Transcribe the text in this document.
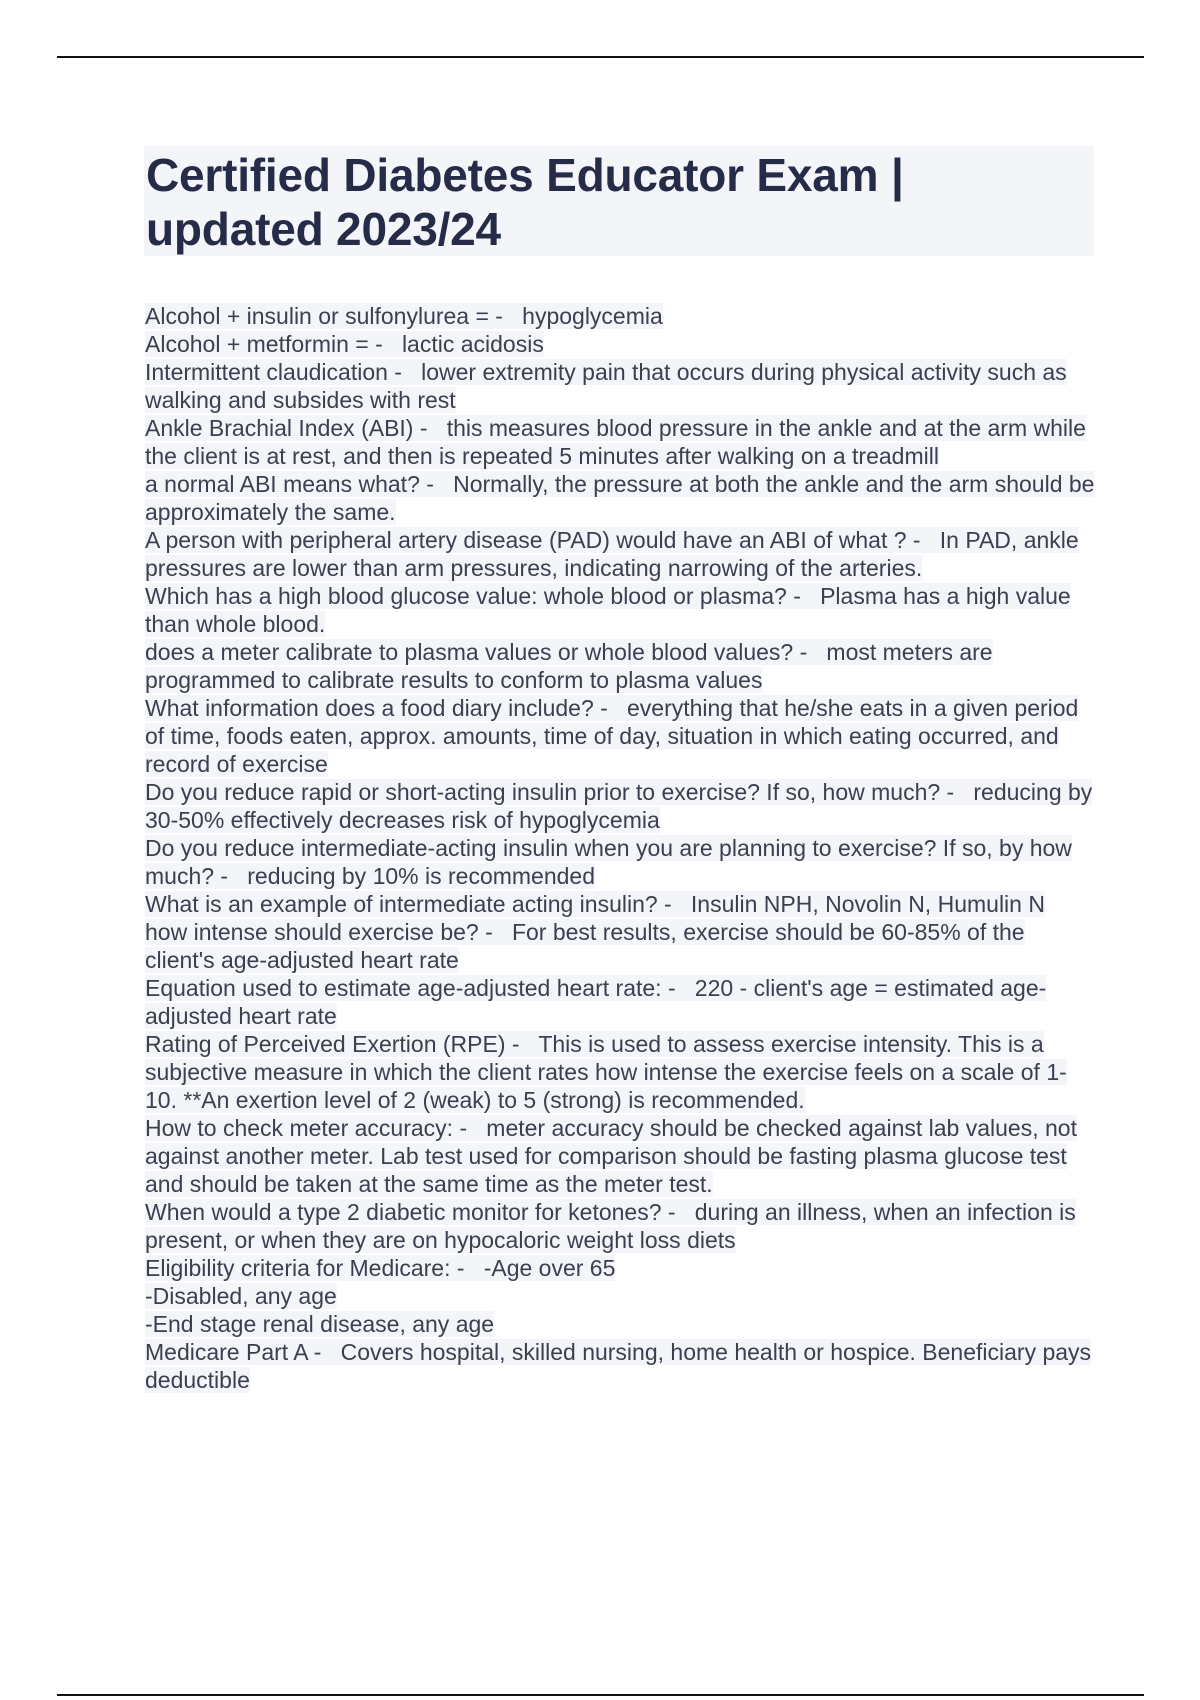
Certified Diabetes Educator Exam |
updated 2023/24

Alcohol + insulin or sulfonylurea = - hypoglycemia

Alcohol + metformin = - lactic acidosis

Intermittent claudication - lower extremity pain that occurs during physical activity such as walking and subsides with rest

Ankle Brachial Index (ABI) - this measures blood pressure in the ankle and at the arm while the client is at rest, and then is repeated 5 minutes after walking on a treadmill

a normal ABI means what? - Normally, the pressure at both the ankle and the arm should be approximately the same.

A person with peripheral artery disease (PAD) would have an ABI of what ? - In PAD, ankle pressures are lower than arm pressures, indicating narrowing of the arteries.

Which has a high blood glucose value: whole blood or plasma? - Plasma has a high value than whole blood.

does a meter calibrate to plasma values or whole blood values? - most meters are programmed to calibrate results to conform to plasma values

What information does a food diary include? - everything that he/she eats in a given period of time, foods eaten, approx. amounts, time of day, situation in which eating occurred, and record of exercise

Do you reduce rapid or short-acting insulin prior to exercise? If so, how much? - reducing by 30-50% effectively decreases risk of hypoglycemia

Do you reduce intermediate-acting insulin when you are planning to exercise? If so, by how much? - reducing by 10% is recommended

What is an example of intermediate acting insulin? - Insulin NPH, Novolin N, Humulin N

how intense should exercise be? - For best results, exercise should be 60-85% of the client's age-adjusted heart rate

Equation used to estimate age-adjusted heart rate: - 220 - client's age = estimated age-adjusted heart rate

Rating of Perceived Exertion (RPE) - This is used to assess exercise intensity. This is a subjective measure in which the client rates how intense the exercise feels on a scale of 1-10. **An exertion level of 2 (weak) to 5 (strong) is recommended.

How to check meter accuracy: - meter accuracy should be checked against lab values, not against another meter. Lab test used for comparison should be fasting plasma glucose test and should be taken at the same time as the meter test.

When would a type 2 diabetic monitor for ketones? - during an illness, when an infection is present, or when they are on hypocaloric weight loss diets

Eligibility criteria for Medicare: - -Age over 65
-Disabled, any age
-End stage renal disease, any age

Medicare Part A - Covers hospital, skilled nursing, home health or hospice. Beneficiary pays deductible
